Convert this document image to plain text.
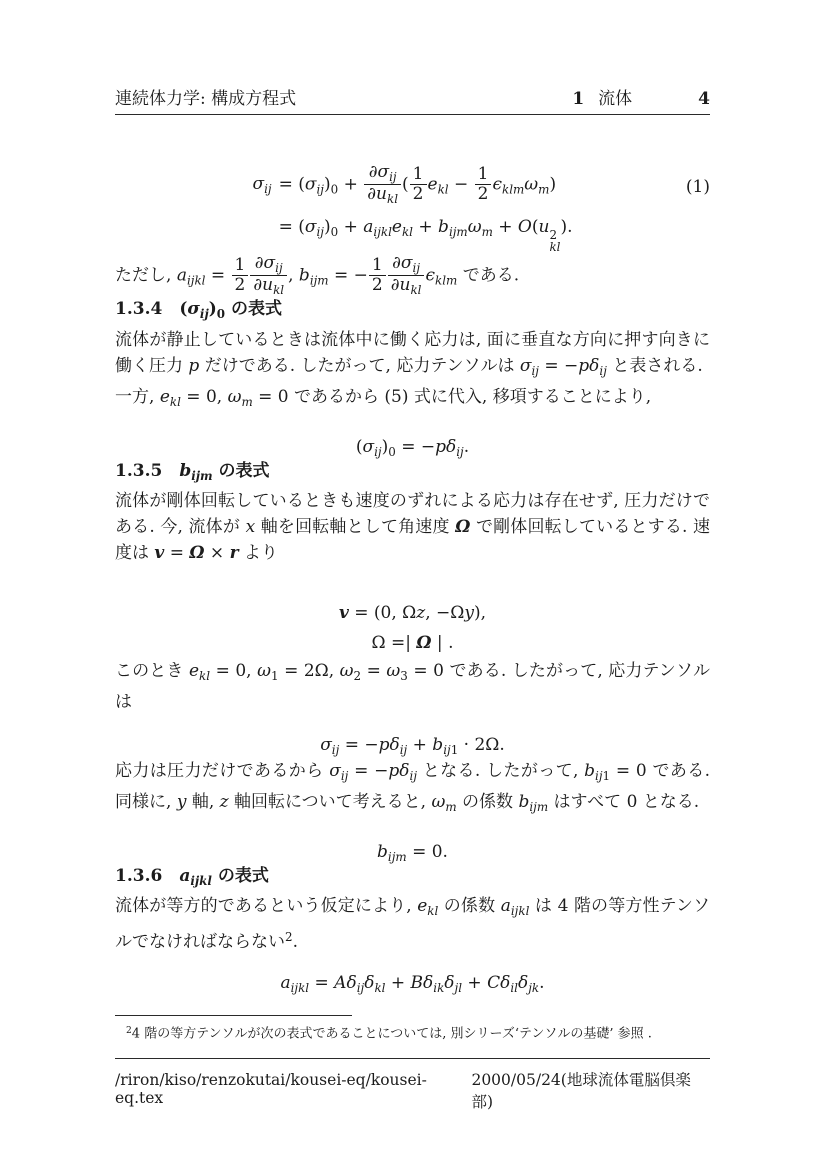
連続体力学: 構成方程式	1 流体	4
$\sigma_{ij} = (\sigma_{ij})_0 + \frac{\partial\sigma_{ij}}{\partial u_{kl}}$ ( $\frac{1}{2} e_{kl} - \frac{1}{2} \epsilon_{klm}\omega_m$)
= $(\sigma_{ij})_0 + a_{ijkl}e_{kl} + b_{ijm}\omega_m + O(u$ 2
kl
).
(1)

ただし, $a_{ijkl} = \frac{1}{2} \frac{\partial\sigma_{ij}}{\partial u_{kl}}$ , $b_{ijm}$ = − $\frac{1}{2} \frac{\partial\sigma_{ij}}{\partial u_{kl}} \epsilon_{klm}$ である.

1.3.4　$(\sigma_{ij})_0$ の表式

流体が静止しているときは流体中に働く応力は, 面に垂直な方向に押す向きに働く圧力 p だけである. したがって, 応力テンソルは $\sigma_{ij} = -p\delta_{ij}$ と表される.
一方, $e_{kl} = 0$, $\omega_m = 0$ であるから (5) 式に代入, 移項することにより,

$(\sigma_{ij})_0 = -p\delta_{ij}$.
1.3.5　$b_{ijm}$ の表式

流体が剛体回転しているときも速度のずれによる応力は存在せず, 圧力だけである. 今, 流体が x 軸を回転軸として角速度 Ω で剛体回転しているとする. 速度は v = Ω × r より

v = (0, Ωz, −Ωy),
Ω =| Ω | .

このとき $e_{kl} = 0$, $\omega_1 = 2\Omega$, $\omega_2 = \omega_3 = 0$ である. したがって, 応力テンソルは

$\sigma_{ij} = -p\delta_{ij} + b_{ij1} \cdot 2\Omega$.

応力は圧力だけであるから $\sigma_{ij} = -p\delta_{ij}$ となる. したがって, $b_{ij1} = 0$ である. 同様に, y 軸, z 軸回転について考えると, $\omega_m$ の係数 $b_{ijm}$ はすべて 0 となる.

$b_{ijm} = 0$.
1.3.6　$a_{ijkl}$ の表式

流体が等方的であるという仮定により, $e_{kl}$ の係数 $a_{ijkl}$ は 4 階の等方性テンソルでなければならない$^2$.

$a_{ijkl} = A\delta_{ij}\delta_{kl} + B\delta_{ik}\delta_{jl} + C\delta_{il}\delta_{jk}$.
$^2$4 階の等方テンソルが次の表式であることについては, 別シリーズ‘テンソルの基礎’ 参照 .
/riron/kiso/renzokutai/kousei-eq/kousei-eq.tex
2000/05/24(地球流体電脳倶楽部)
